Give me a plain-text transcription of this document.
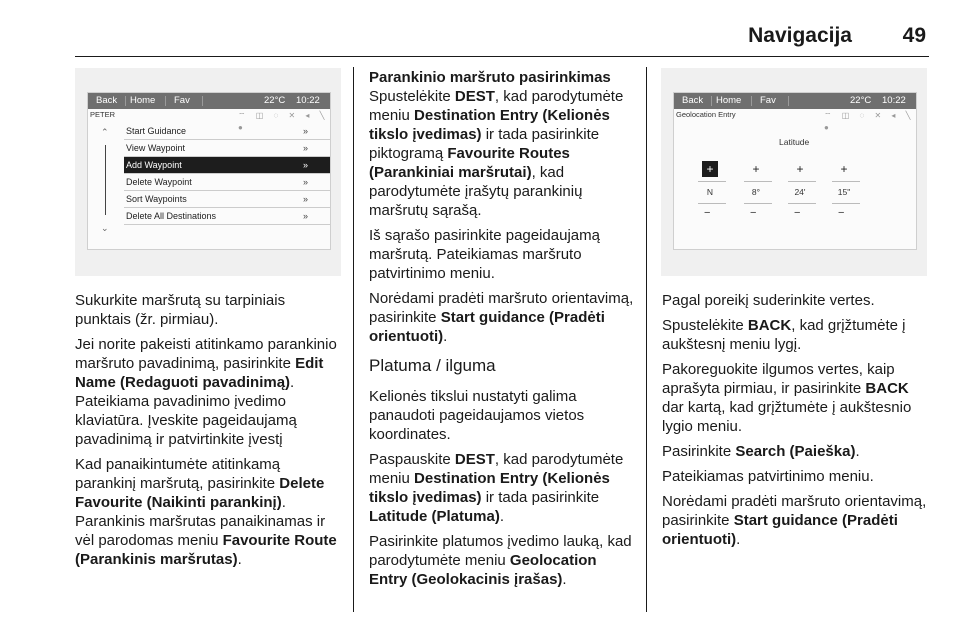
Navigacija 49
Back Home Fav	22°C 10:22
PETER	⌔ ◫ ◌ ✕ ◂ ╲ ●
⌃
⌄
Start Guidance	»
View Waypoint	»
Add Waypoint	»
Delete Waypoint	»
Sort Waypoints	»
Delete All Destinations	»
Back Home Fav	22°C 10:22
Geolocation Entry	⌔ ◫ ◌ ✕ ◂ ╲ ●
Latitude
+
N
−
+
8°
−
+
24'
−
+
15"
−

Sukurkite maršrutą su tarpiniais punktais (žr. pirmiau).

Jei norite pakeisti atitinkamo parankinio maršruto pavadinimą, pasirinkite Edit Name (Redaguoti pavadinimą). Pateikiama pavadinimo įvedimo klaviatūra. Įveskite pageidaujamą pavadinimą ir patvirtinkite įvestį

Kad panaikintumėte atitinkamą parankinį maršrutą, pasirinkite Delete Favourite (Naikinti parankinį). Parankinis maršrutas panaikinamas ir vėl parodomas meniu Favourite Route (Parankinis maršrutas).

Parankinio maršruto pasirinkimas

Spustelėkite DEST, kad parodytumėte meniu Destination Entry (Kelionės tikslo įvedimas) ir tada pasirinkite piktogramą Favourite Routes (Parankiniai maršrutai), kad parodytumėte įrašytų parankinių maršrutų sąrašą.

Iš sąrašo pasirinkite pageidaujamą maršrutą. Pateikiamas maršruto patvirtinimo meniu.

Norėdami pradėti maršruto orientavimą, pasirinkite Start guidance (Pradėti orientuoti).

Platuma / ilguma

Kelionės tikslui nustatyti galima panaudoti pageidaujamos vietos koordinates.

Paspauskite DEST, kad parodytumėte meniu Destination Entry (Kelionės tikslo įvedimas) ir tada pasirinkite Latitude (Platuma).

Pasirinkite platumos įvedimo lauką, kad parodytumėte meniu Geolocation Entry (Geolokacinis įrašas).

Pagal poreikį suderinkite vertes.

Spustelėkite BACK, kad grįžtumėte į aukštesnį meniu lygį.

Pakoreguokite ilgumos vertes, kaip aprašyta pirmiau, ir pasirinkite BACK dar kartą, kad grįžtumėte į aukštesnio lygio meniu.

Pasirinkite Search (Paieška).

Pateikiamas patvirtinimo meniu.

Norėdami pradėti maršruto orientavimą, pasirinkite Start guidance (Pradėti orientuoti).
